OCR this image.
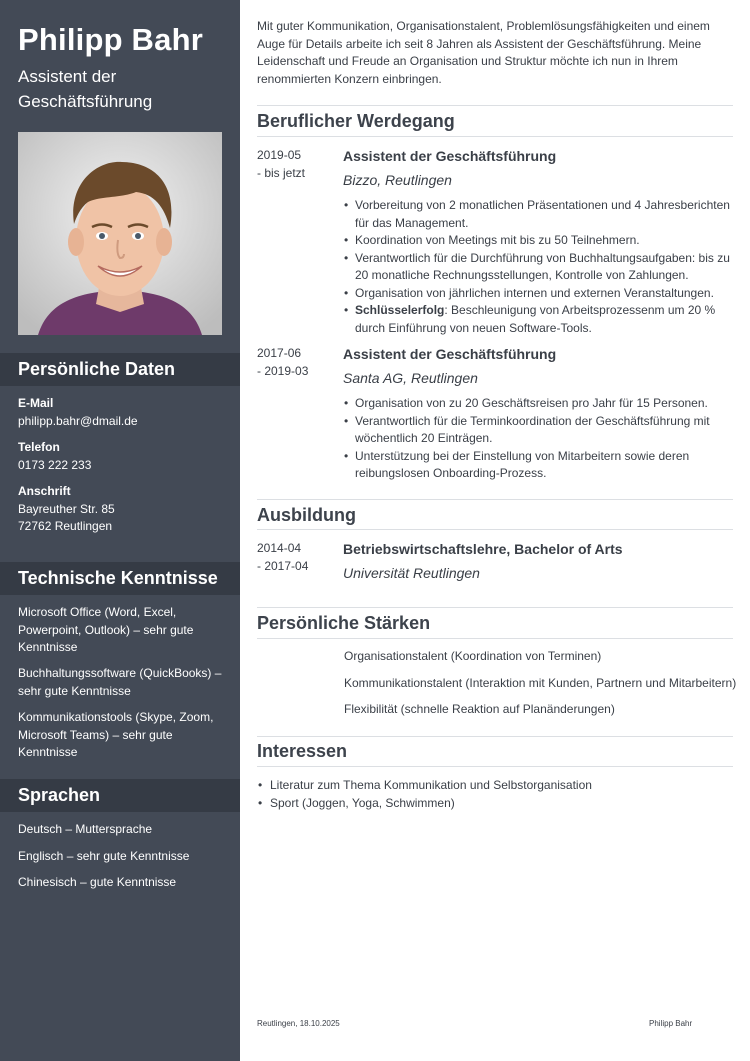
Philipp Bahr
Assistent der Geschäftsführung
Persönliche Daten
E-Mail
philipp.bahr@dmail.de
Telefon
0173 222 233
Anschrift
Bayreuther Str. 85
72762 Reutlingen
Technische Kenntnisse
Microsoft Office (Word, Excel, Powerpoint, Outlook) – sehr gute Kenntnisse
Buchhaltungssoftware (QuickBooks) – sehr gute Kenntnisse
Kommunikationstools (Skype, Zoom, Microsoft Teams) – sehr gute Kenntnisse
Sprachen
Deutsch – Muttersprache
Englisch – sehr gute Kenntnisse
Chinesisch – gute Kenntnisse
Mit guter Kommunikation, Organisationstalent, Problemlösungsfähigkeiten und einem Auge für Details arbeite ich seit 8 Jahren als Assistent der Geschäftsführung. Meine Leidenschaft und Freude an Organisation und Struktur möchte ich nun in Ihrem renommierten Konzern einbringen.
Beruflicher Werdegang
2019-05
- bis jetzt
Assistent der Geschäftsführung
Bizzo, Reutlingen
• Vorbereitung von 2 monatlichen Präsentationen und 4 Jahresberichten für das Management.
• Koordination von Meetings mit bis zu 50 Teilnehmern.
• Verantwortlich für die Durchführung von Buchhaltungsaufgaben: bis zu 20 monatliche Rechnungsstellungen, Kontrolle von Zahlungen.
• Organisation von jährlichen internen und externen Veranstaltungen.
• Schlüsselerfolg: Beschleunigung von Arbeitsprozessenm um 20 % durch Einführung von neuen Software-Tools.
2017-06
- 2019-03
Assistent der Geschäftsführung
Santa AG, Reutlingen
• Organisation von zu 20 Geschäftsreisen pro Jahr für 15 Personen.
• Verantwortlich für die Terminkoordination der Geschäftsführung mit wöchentlich 20 Einträgen.
• Unterstützung bei der Einstellung von Mitarbeitern sowie deren reibungslosen Onboarding-Prozess.
Ausbildung
2014-04
- 2017-04
Betriebswirtschaftslehre, Bachelor of Arts
Universität Reutlingen
Persönliche Stärken
Organisationstalent (Koordination von Terminen)
Kommunikationstalent (Interaktion mit Kunden, Partnern und Mitarbeitern)
Flexibilität (schnelle Reaktion auf Planänderungen)
Interessen
• Literatur zum Thema Kommunikation und Selbstorganisation
• Sport (Joggen, Yoga, Schwimmen)
Reutlingen, 18.10.2025	Philipp Bahr
